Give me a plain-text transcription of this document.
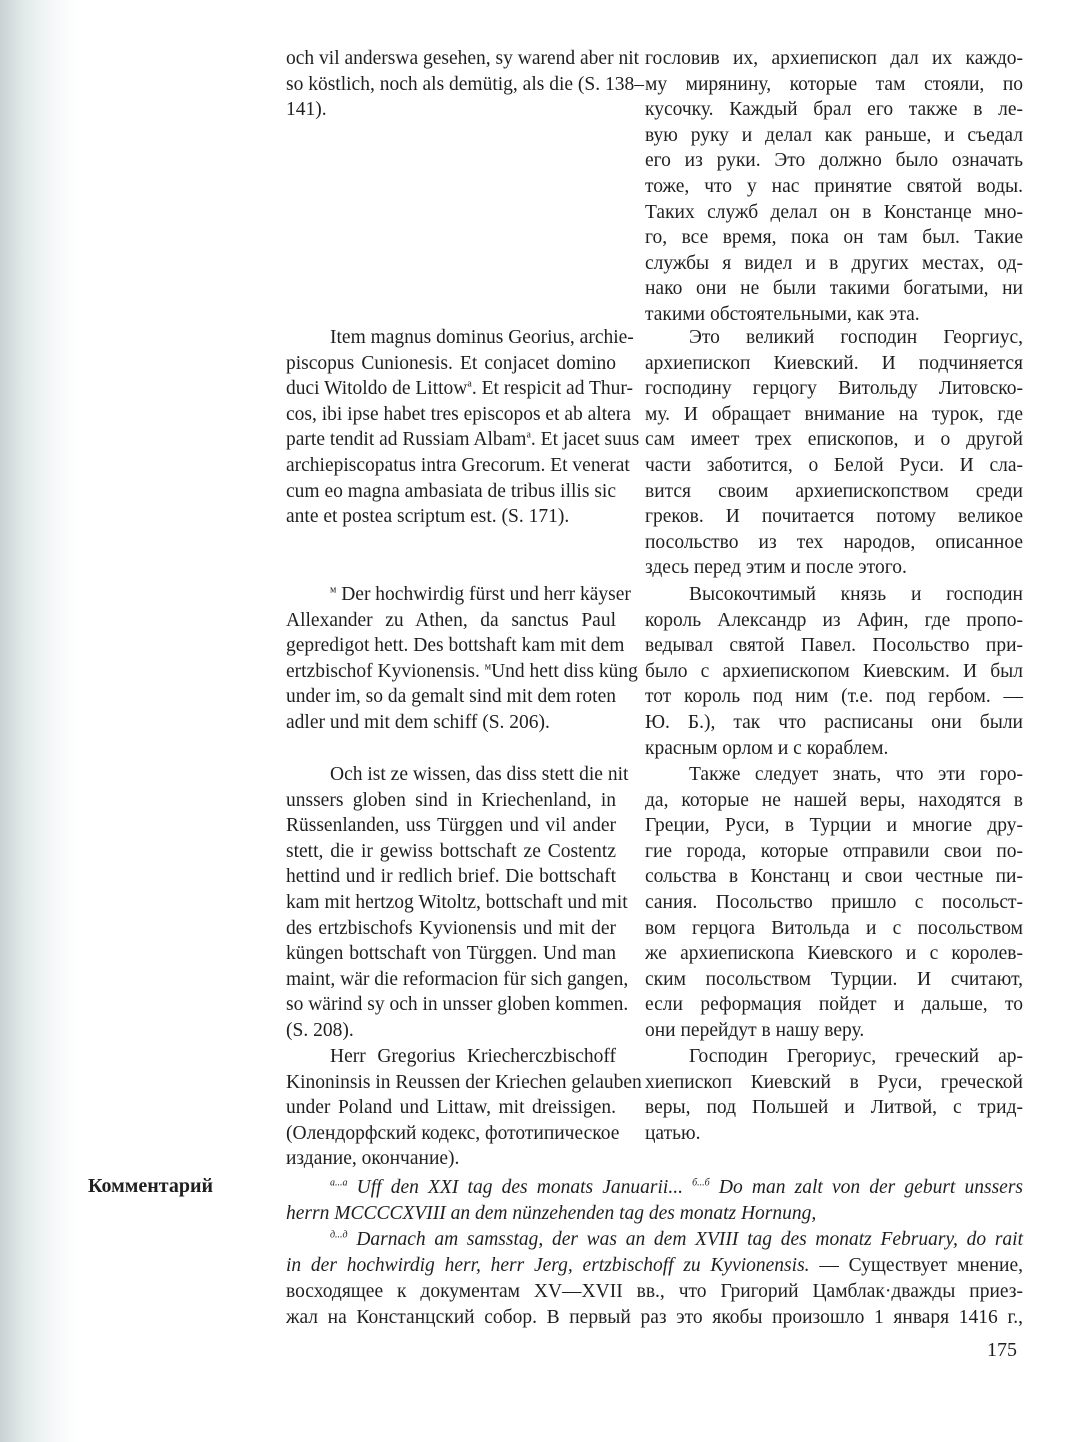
och vil anderswa gesehen, sy warend aber nit
so köstlich, noch als demütig, als die (S. 138–
141).
Item magnus dominus Georius, archie-
piscopus Cunionesis. Et conjacet domino
duci Witoldo de Littow$^a$. Et respicit ad Thur-
cos, ibi ipse habet tres episcopos et ab altera
parte tendit ad Russiam Albam$^a$. Et jacet suus
archiepiscopatus intra Grecorum. Et venerat
cum eo magna ambasiata de tribus illis sic
ante et postea scriptum est. (S. 171).
$^м$ Der hochwirdig fürst und herr käyser
Allexander zu Athen, da sanctus Paul
gepredigot hett. Des bottshaft kam mit dem
ertzbischof Kyvionensis. $^м$Und hett diss küng
under im, so da gemalt sind mit dem roten
adler und mit dem schiff (S. 206).
Och ist ze wissen, das diss stett die nit
unssers globen sind in Kriechenland, in
Rüssenlanden, uss Türggen und vil ander
stett, die ir gewiss bottschaft ze Costentz
hettind und ir redlich brief. Die bottschaft
kam mit hertzog Witoltz, bottschaft und mit
des ertzbischofs Kyvionensis und mit der
küngen bottschaft von Türggen. Und man
maint, wär die reformacion für sich gangen,
so wärind sy och in unsser globen kommen.
(S. 208).
Herr Gregorius Kriecherczbischoff
Kinoninsis in Reussen der Kriechen gelauben
under Poland und Littaw, mit dreissigen.
(Олендорфский кодекс, фототипическое
издание, окончание).
гословив их, архиепископ дал их каждо-
му мирянину, которые там стояли, по
кусочку. Каждый брал его также в ле-
вую руку и делал как раньше, и съедал
его из руки. Это должно было означать
тоже, что у нас принятие святой воды.
Таких служб делал он в Констанце мно-
го, все время, пока он там был. Такие
службы я видел и в других местах, од-
нако они не были такими богатыми, ни
такими обстоятельными, как эта.
Это великий господин Георгиус,
архиепископ Киевский. И подчиняется
господину герцогу Витольду Литовско-
му. И обращает внимание на турок, где
сам имеет трех епископов, и о другой
части заботится, о Белой Руси. И сла-
вится своим архиепископством среди
греков. И почитается потому великое
посольство из тех народов, описанное
здесь перед этим и после этого.
Высокочтимый князь и господин
король Александр из Афин, где пропо-
ведывал святой Павел. Посольство при-
было с архиепископом Киевским. И был
тот король под ним (т.е. под гербом. —
Ю. Б.), так что расписаны они были
красным орлом и с кораблем.
Также следует знать, что эти горо-
да, которые не нашей веры, находятся в
Греции, Руси, в Турции и многие дру-
гие города, которые отправили свои по-
сольства в Констанц и свои честные пи-
сания. Посольство пришло с посольст-
вом герцога Витольда и с посольством
же архиепископа Киевского и с королев-
ским посольством Турции. И считают,
если реформация пойдет и дальше, то
они перейдут в нашу веру.
Господин Грегориус, греческий ар-
хиепископ Киевский в Руси, греческой
веры, под Польшей и Литвой, с трид-
цатью.
Комментарий	$^{а...а}$ Uff den XXI tag des monats Januarii... $^{б...б}$ Do man zalt von der geburt unssers
herrn MCCCCXVIII an dem nünzehenden tag des monatz Hornung,
$^{д...д}$ Darnach am samsstag, der was an dem XVIII tag des monatz February, do rait
in der hochwirdig herr, herr Jerg, ertzbischoff zu Kyvionensis. — Существует мнение,
восходящее к документам XV—XVII вв., что Григорий Цамблак·дважды приез-
жал на Констанцский собор. В первый раз это якобы произошло 1 января 1416 г.,
175
